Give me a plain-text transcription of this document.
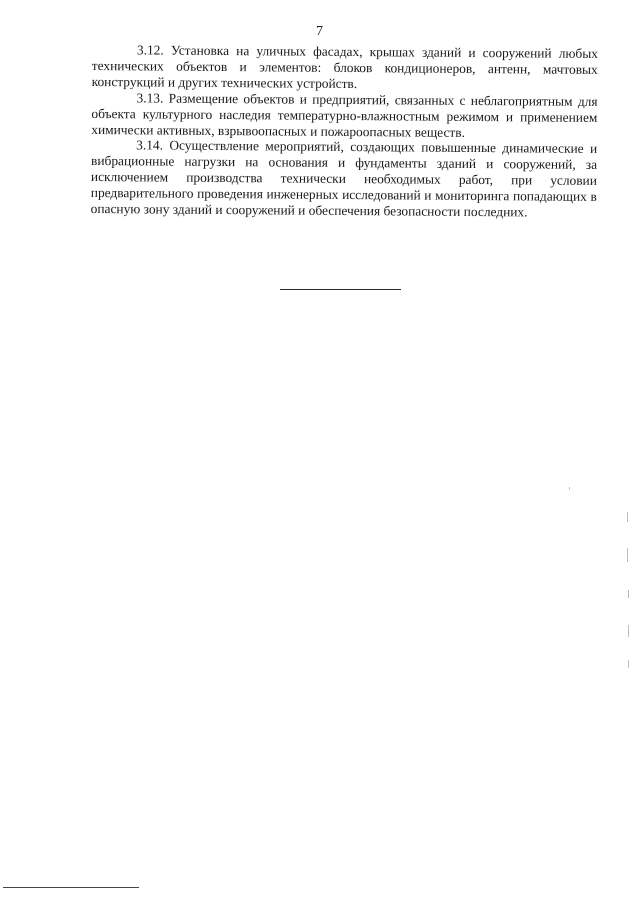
7

3.12. Установка на уличных фасадах, крышах зданий и сооружений любых технических объектов и элементов: блоков кондиционеров, антенн, мачтовых конструкций и других технических устройств.

3.13. Размещение объектов и предприятий, связанных с неблагоприятным для объекта культурного наследия температурно-влажностным режимом и применением химически активных, взрывоопасных и пожароопасных веществ.

3.14. Осуществление мероприятий, создающих повышенные динамические и вибрационные нагрузки на основания и фундаменты зданий и сооружений, за исключением производства технически необходимых работ, при условии предварительного проведения инженерных исследований и мониторинга попадающих в опасную зону зданий и сооружений и обеспечения безопасности последних.
